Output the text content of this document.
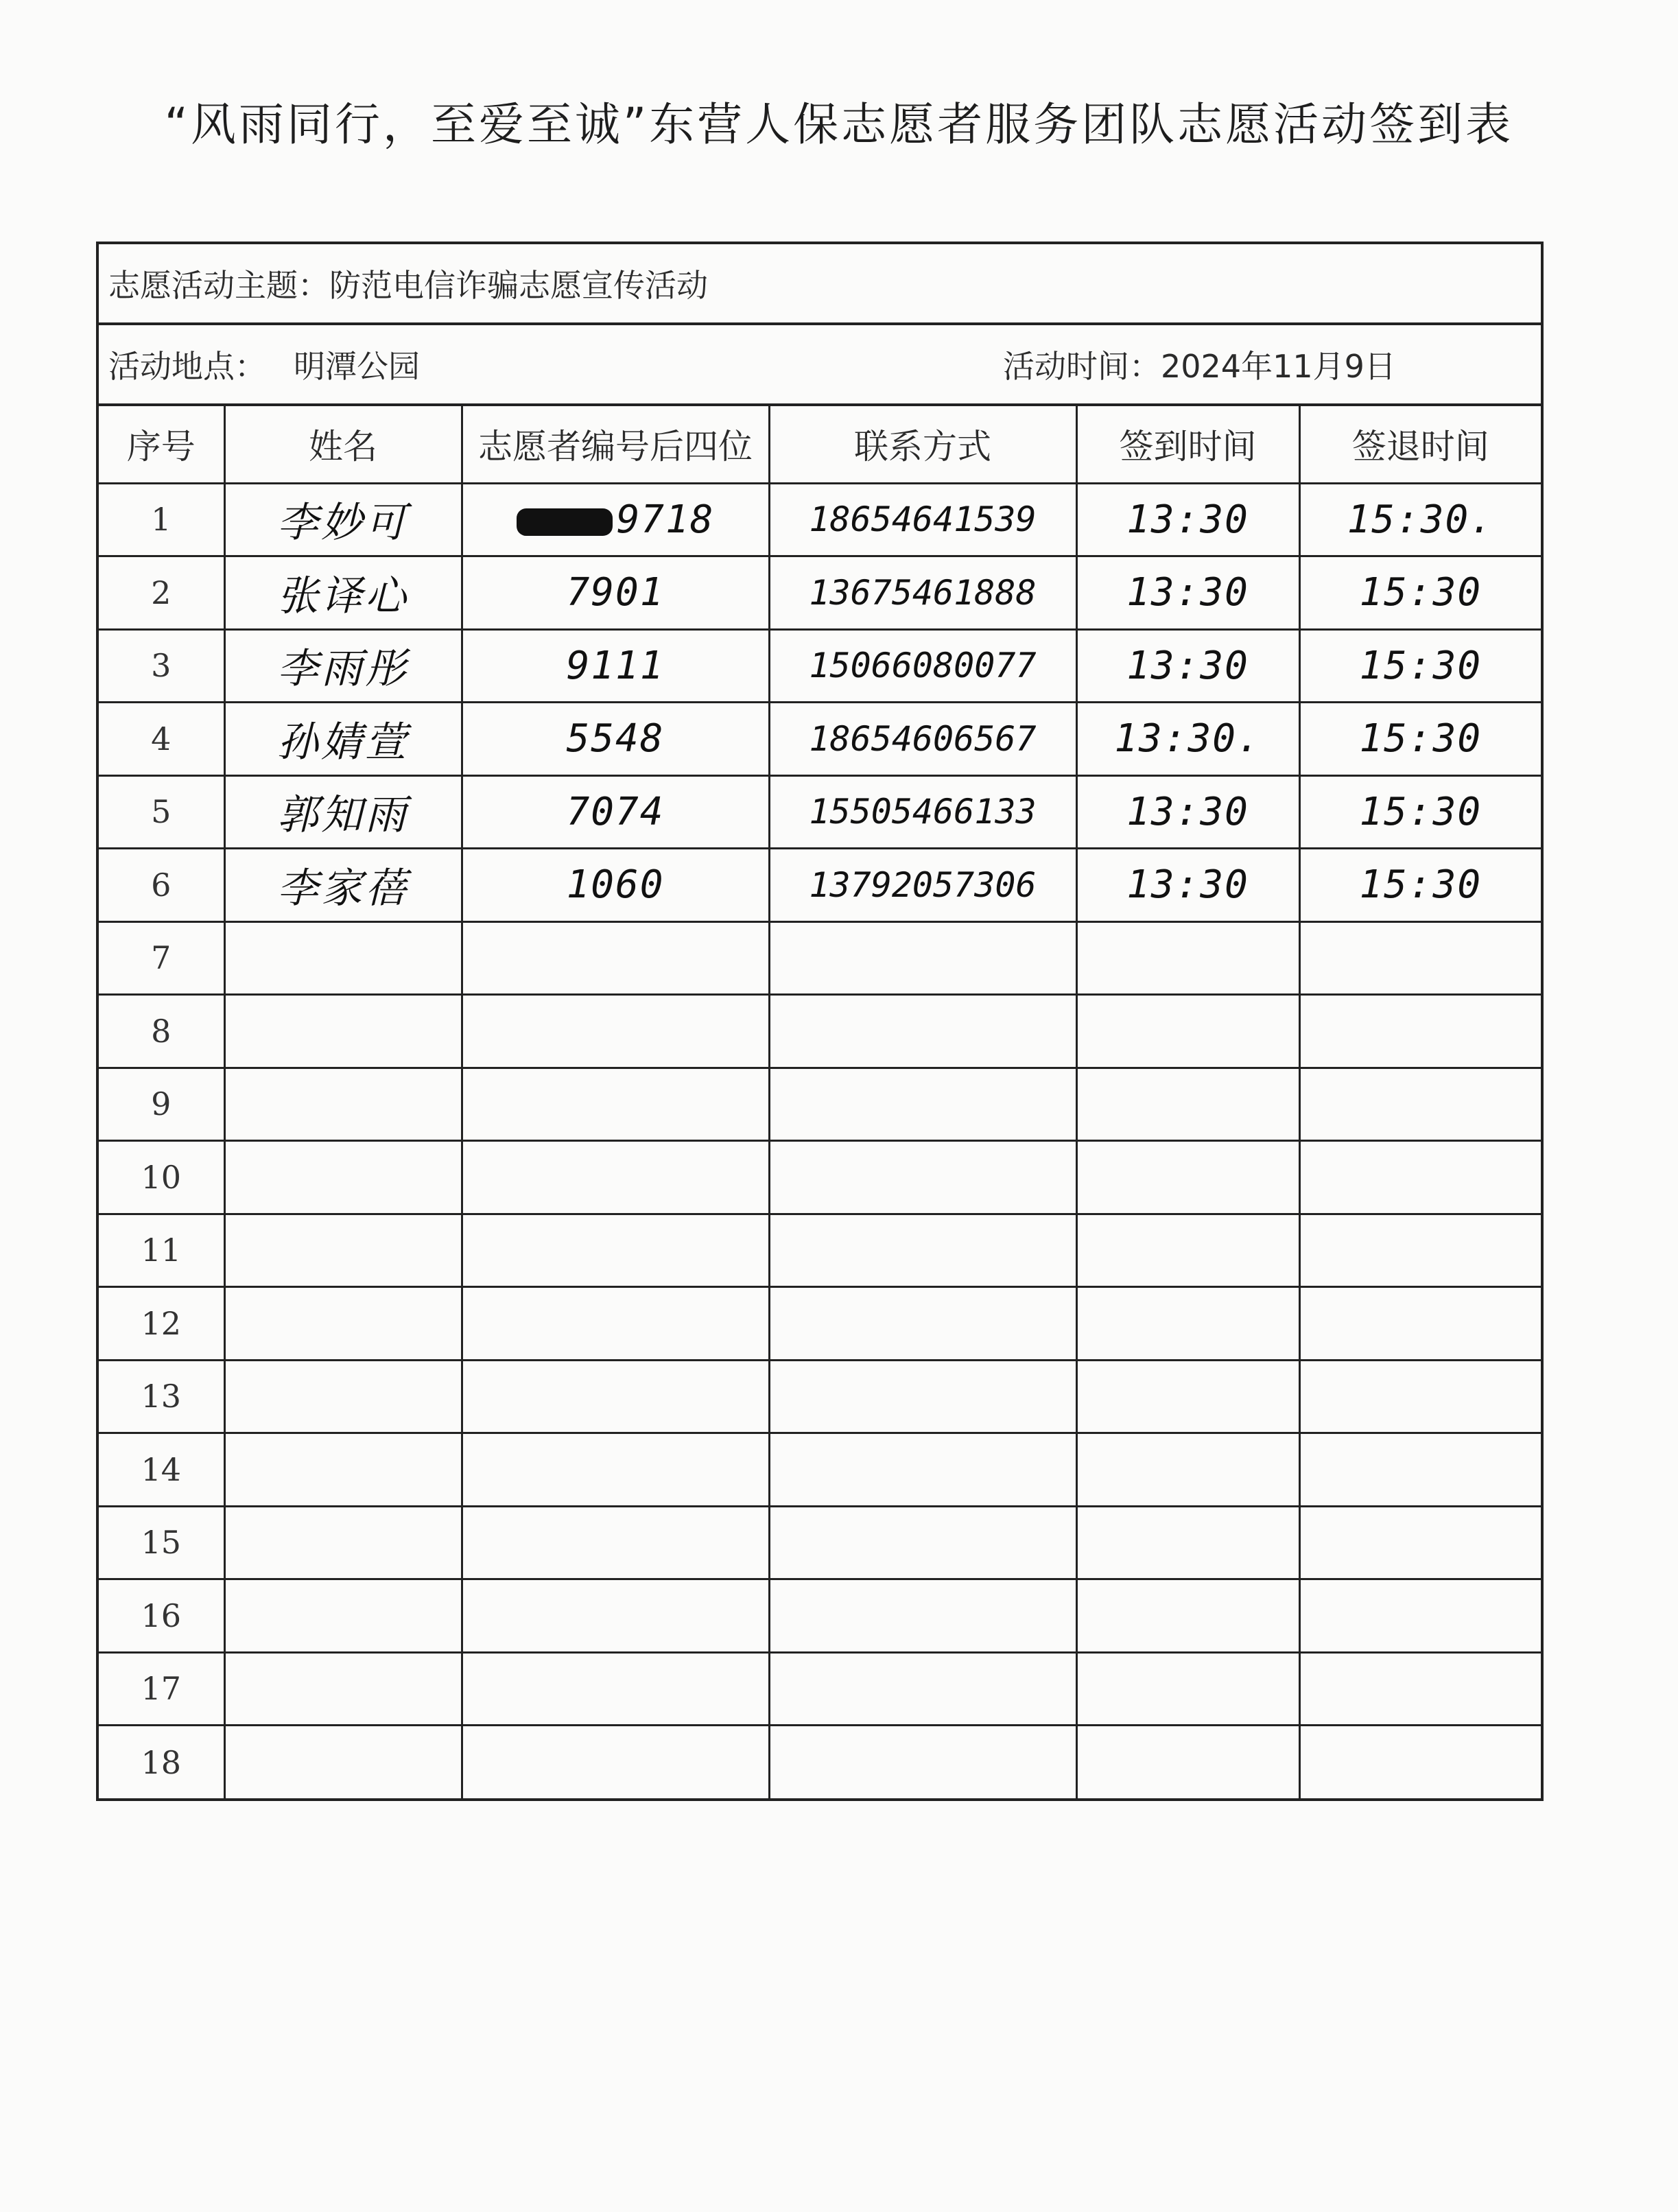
“风雨同行，至爱至诚”东营人保志愿者服务团队志愿活动签到表
志愿活动主题： 防范电信诈骗志愿宣传活动
活动地点： 明潭公园	活动时间：2024年11月9日
序号	姓名	志愿者编号后四位	联系方式	签到时间	签退时间
1	李妙可	9718	18654641539	13:30	15:30.
2	张译心	7901	13675461888	13:30	15:30
3	李雨彤	9111	15066080077	13:30	15:30
4	孙婧萱	5548	18654606567	13:30.	15:30
5	郭知雨	7074	15505466133	13:30	15:30
6	李家蓓	1060	13792057306	13:30	15:30
7					
8					
9					
10					
11					
12					
13					
14					
15					
16					
17					
18					
